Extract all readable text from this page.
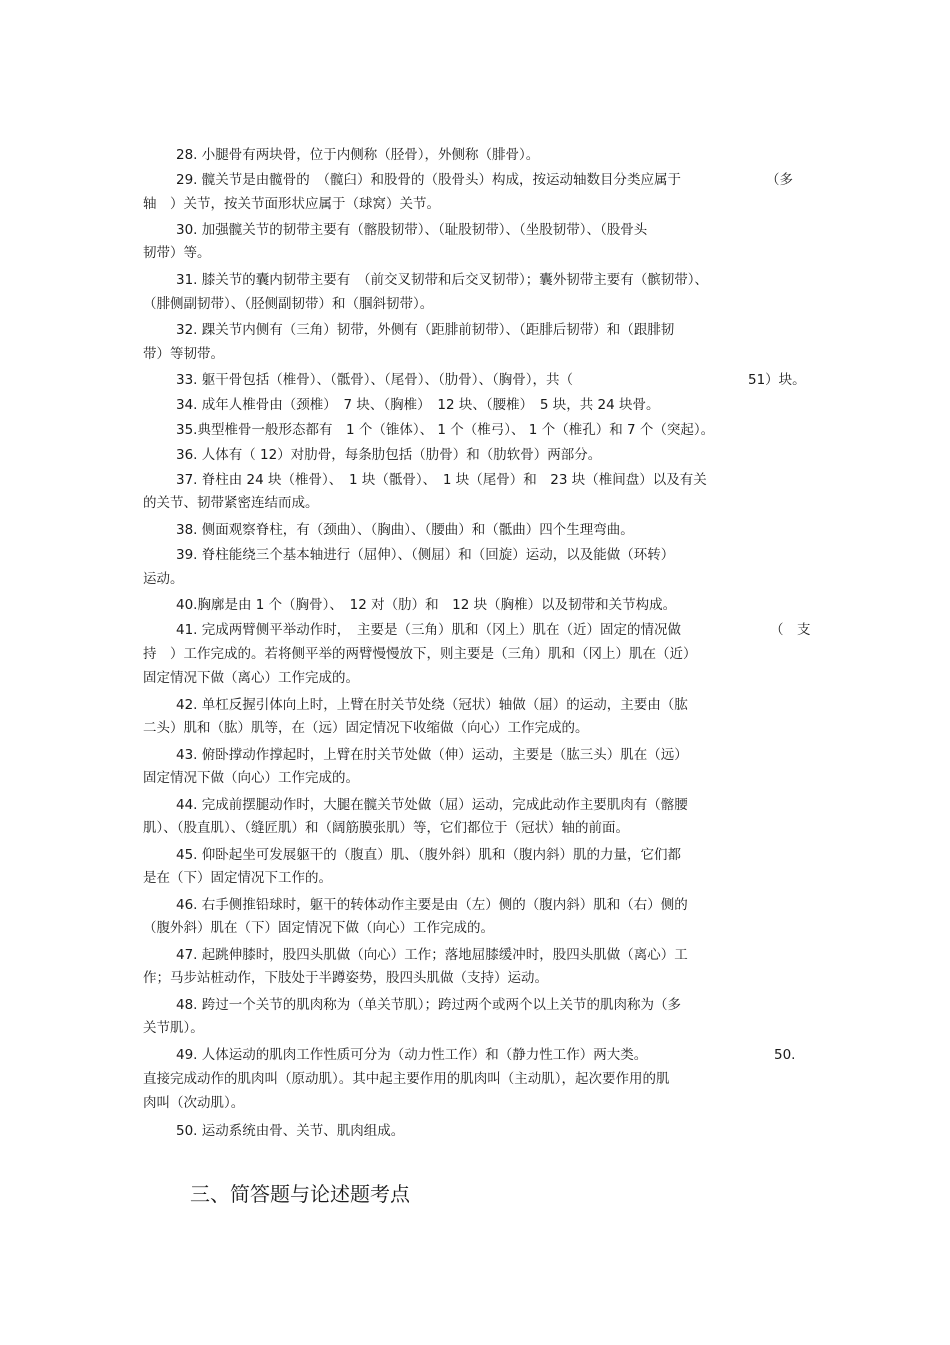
28. 小腿骨有两块骨，位于内侧称（胫骨），外侧称（腓骨）。
29. 髋关节是由髋骨的　（髋臼）和股骨的（股骨头）构成，按运动轴数目分类应属于	（多
轴　）关节，按关节面形状应属于（球窝）关节。
30. 加强髋关节的韧带主要有（髂股韧带）、（耻股韧带）、（坐股韧带）、（股骨头
韧带）等。
31. 膝关节的囊内韧带主要有　（前交叉韧带和后交叉韧带）；囊外韧带主要有（髌韧带）、
（腓侧副韧带）、（胫侧副韧带）和（腘斜韧带）。
32. 踝关节内侧有（三角）韧带，外侧有（距腓前韧带）、（距腓后韧带）和（跟腓韧
带）等韧带。
33. 躯干骨包括（椎骨）、（骶骨）、（尾骨）、（肋骨）、（胸骨），共（	51）块。
34. 成年人椎骨由（颈椎）　7 块、（胸椎）　12 块、（腰椎）　5 块，共 24 块骨。
35.典型椎骨一般形态都有　1 个（锥体）、 1 个（椎弓）、 1 个（椎孔）和 7 个（突起）。
36. 人体有（ 12）对肋骨，每条肋包括（肋骨）和（肋软骨）两部分。
37. 脊柱由 24 块（椎骨）、　1 块（骶骨）、　1 块（尾骨）和　23 块（椎间盘）以及有关
的关节、韧带紧密连结而成。
38. 侧面观察脊柱，有（颈曲）、（胸曲）、（腰曲）和（骶曲）四个生理弯曲。
39. 脊柱能绕三个基本轴进行（屈伸）、（侧屈）和（回旋）运动，以及能做（环转）
运动。
40.胸廓是由 1 个（胸骨）、　12 对（肋）和　12 块（胸椎）以及韧带和关节构成。
41. 完成两臂侧平举动作时，　主要是（三角）肌和（冈上）肌在（近）固定的情况做	（　支
持　）工作完成的。若将侧平举的两臂慢慢放下，则主要是（三角）肌和（冈上）肌在（近）
固定情况下做（离心）工作完成的。
42. 单杠反握引体向上时，上臂在肘关节处绕（冠状）轴做（屈）的运动，主要由（肱
二头）肌和（肱）肌等，在（远）固定情况下收缩做（向心）工作完成的。
43. 俯卧撑动作撑起时，上臂在肘关节处做（伸）运动，主要是（肱三头）肌在（远）
固定情况下做（向心）工作完成的。
44. 完成前摆腿动作时，大腿在髋关节处做（屈）运动，完成此动作主要肌肉有（髂腰
肌）、（股直肌）、（缝匠肌）和（阔筋膜张肌）等，它们都位于（冠状）轴的前面。
45. 仰卧起坐可发展躯干的（腹直）肌、（腹外斜）肌和（腹内斜）肌的力量，它们都
是在（下）固定情况下工作的。
46. 右手侧推铅球时，躯干的转体动作主要是由（左）侧的（腹内斜）肌和（右）侧的
（腹外斜）肌在（下）固定情况下做（向心）工作完成的。
47. 起跳伸膝时，股四头肌做（向心）工作；落地屈膝缓冲时，股四头肌做（离心）工
作；马步站桩动作，下肢处于半蹲姿势，股四头肌做（支持）运动。
48. 跨过一个关节的肌肉称为（单关节肌）；跨过两个或两个以上关节的肌肉称为（多
关节肌）。
49. 人体运动的肌肉工作性质可分为（动力性工作）和（静力性工作）两大类。	50.
直接完成动作的肌肉叫（原动肌）。其中起主要作用的肌肉叫（主动肌），起次要作用的肌
肉叫（次动肌）。
50. 运动系统由骨、关节、肌肉组成。
三、简答题与论述题考点
